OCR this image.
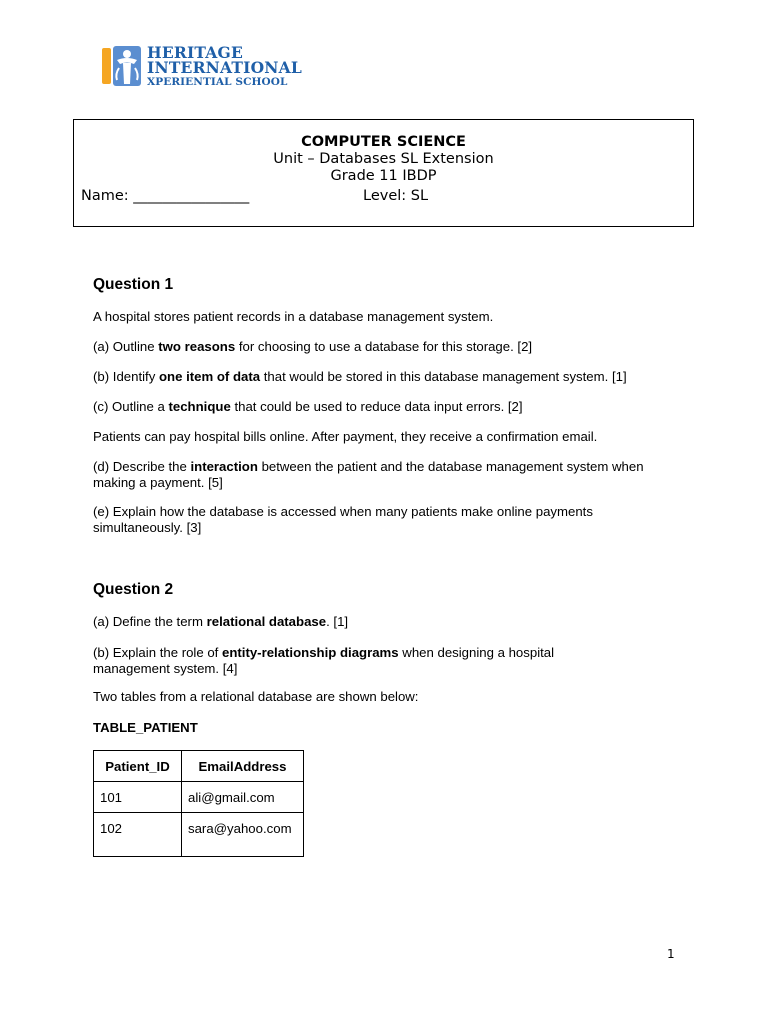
HERITAGE
INTERNATIONAL
XPERIENTIAL SCHOOL
COMPUTER SCIENCE
Unit – Databases SL Extension
Grade 11 IBDP
Name: ________________	Level: SL
Question 1
A hospital stores patient records in a database management system.
(a) Outline two reasons for choosing to use a database for this storage. [2]
(b) Identify one item of data that would be stored in this database management system. [1]
(c) Outline a technique that could be used to reduce data input errors. [2]
Patients can pay hospital bills online. After payment, they receive a confirmation email.
(d) Describe the interaction between the patient and the database management system when making a payment. [5]
(e) Explain how the database is accessed when many patients make online payments simultaneously. [3]
Question 2
(a) Define the term relational database. [1]
(b) Explain the role of entity-relationship diagrams when designing a hospital management system. [4]
Two tables from a relational database are shown below:
TABLE_PATIENT
Patient_ID	EmailAddress
101	ali@gmail.com
102	sara@yahoo.com
1
